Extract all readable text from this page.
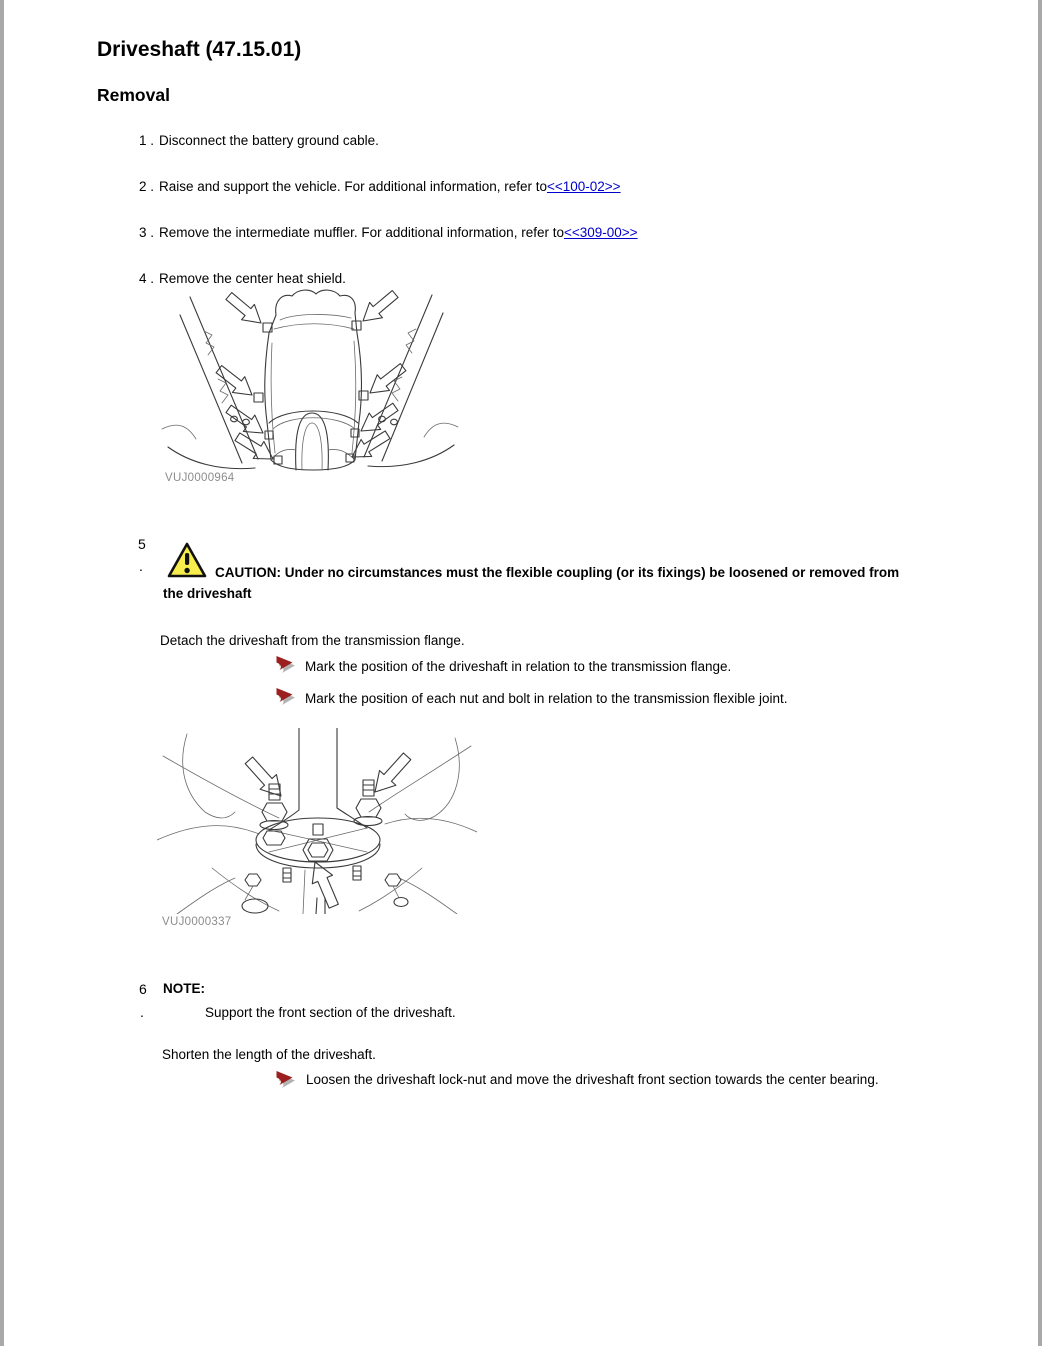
Driveshaft (47.15.01)
Removal
1 . Disconnect the battery ground cable.
2 . Raise and support the vehicle. For additional information, refer to<<100-02>>
3 . Remove the intermediate muffler. For additional information, refer to<<309-00>>
4 . Remove the center heat shield.
VUJ0000964
5
.	CAUTION: Under no circumstances must the flexible coupling (or its fixings) be loosened or removed from the driveshaft
Detach the driveshaft from the transmission flange.
Mark the position of the driveshaft in relation to the transmission flange.
Mark the position of each nut and bolt in relation to the transmission flexible joint.
VUJ0000337
6 NOTE:
.	Support the front section of the driveshaft.
Shorten the length of the driveshaft.
Loosen the driveshaft lock-nut and move the driveshaft front section towards the center bearing.
